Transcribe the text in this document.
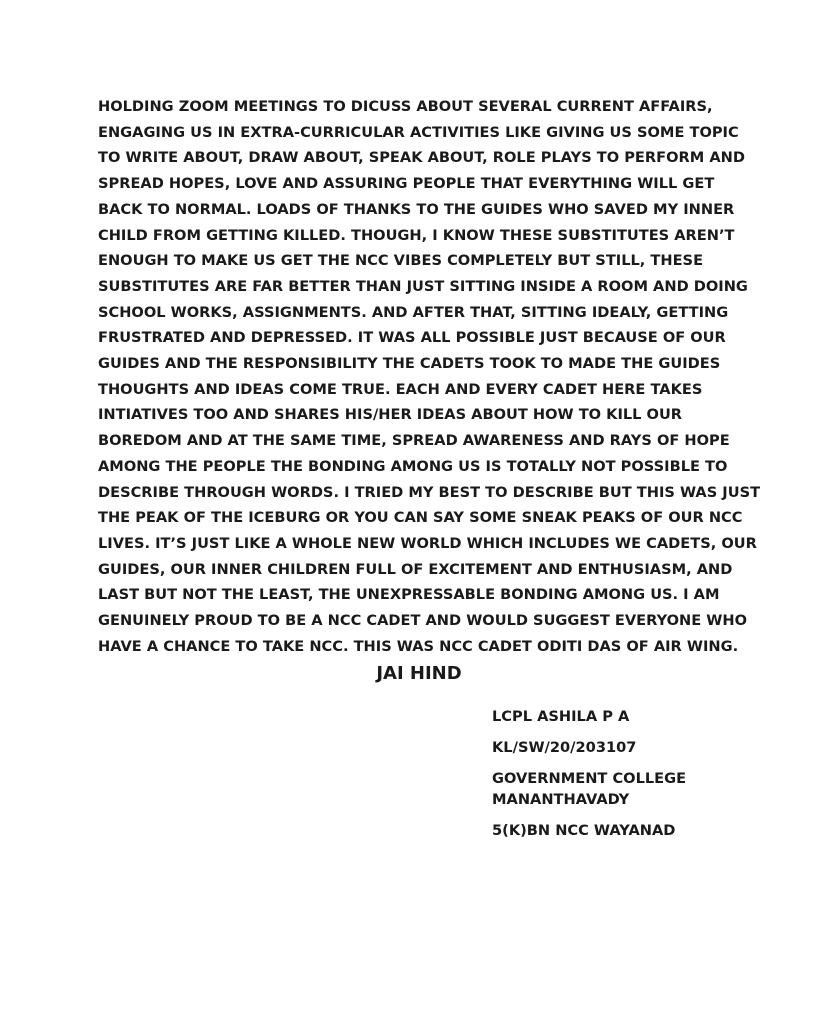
HOLDING ZOOM MEETINGS TO DICUSS ABOUT SEVERAL CURRENT AFFAIRS,
ENGAGING US IN EXTRA-CURRICULAR ACTIVITIES LIKE GIVING US SOME TOPIC
TO WRITE ABOUT, DRAW ABOUT, SPEAK ABOUT, ROLE PLAYS TO PERFORM AND
SPREAD HOPES, LOVE AND ASSURING PEOPLE THAT EVERYTHING WILL GET
BACK TO NORMAL. LOADS OF THANKS TO THE GUIDES WHO SAVED MY INNER
CHILD FROM GETTING KILLED. THOUGH, I KNOW THESE SUBSTITUTES AREN’T
ENOUGH TO MAKE US GET THE NCC VIBES COMPLETELY BUT STILL, THESE
SUBSTITUTES ARE FAR BETTER THAN JUST SITTING INSIDE A ROOM AND DOING
SCHOOL WORKS, ASSIGNMENTS. AND AFTER THAT, SITTING IDEALY, GETTING
FRUSTRATED AND DEPRESSED. IT WAS ALL POSSIBLE JUST BECAUSE OF OUR
GUIDES AND THE RESPONSIBILITY THE CADETS TOOK TO MADE THE GUIDES
THOUGHTS AND IDEAS COME TRUE. EACH AND EVERY CADET HERE TAKES
INTIATIVES TOO AND SHARES HIS/HER IDEAS ABOUT HOW TO KILL OUR
BOREDOM AND AT THE SAME TIME, SPREAD AWARENESS AND RAYS OF HOPE
AMONG THE PEOPLE THE BONDING AMONG US IS TOTALLY NOT POSSIBLE TO
DESCRIBE THROUGH WORDS. I TRIED MY BEST TO DESCRIBE BUT THIS WAS JUST
THE PEAK OF THE ICEBURG OR YOU CAN SAY SOME SNEAK PEAKS OF OUR NCC
LIVES. IT’S JUST LIKE A WHOLE NEW WORLD WHICH INCLUDES WE CADETS, OUR
GUIDES, OUR INNER CHILDREN FULL OF EXCITEMENT AND ENTHUSIASM, AND
LAST BUT NOT THE LEAST, THE UNEXPRESSABLE BONDING AMONG US. I AM
GENUINELY PROUD TO BE A NCC CADET AND WOULD SUGGEST EVERYONE WHO
HAVE A CHANCE TO TAKE NCC. THIS WAS NCC CADET ODITI DAS OF AIR WING.

JAI HIND

LCPL ASHILA P A
KL/SW/20/203107
GOVERNMENT COLLEGE
MANANTHAVADY
5(K)BN NCC WAYANAD
